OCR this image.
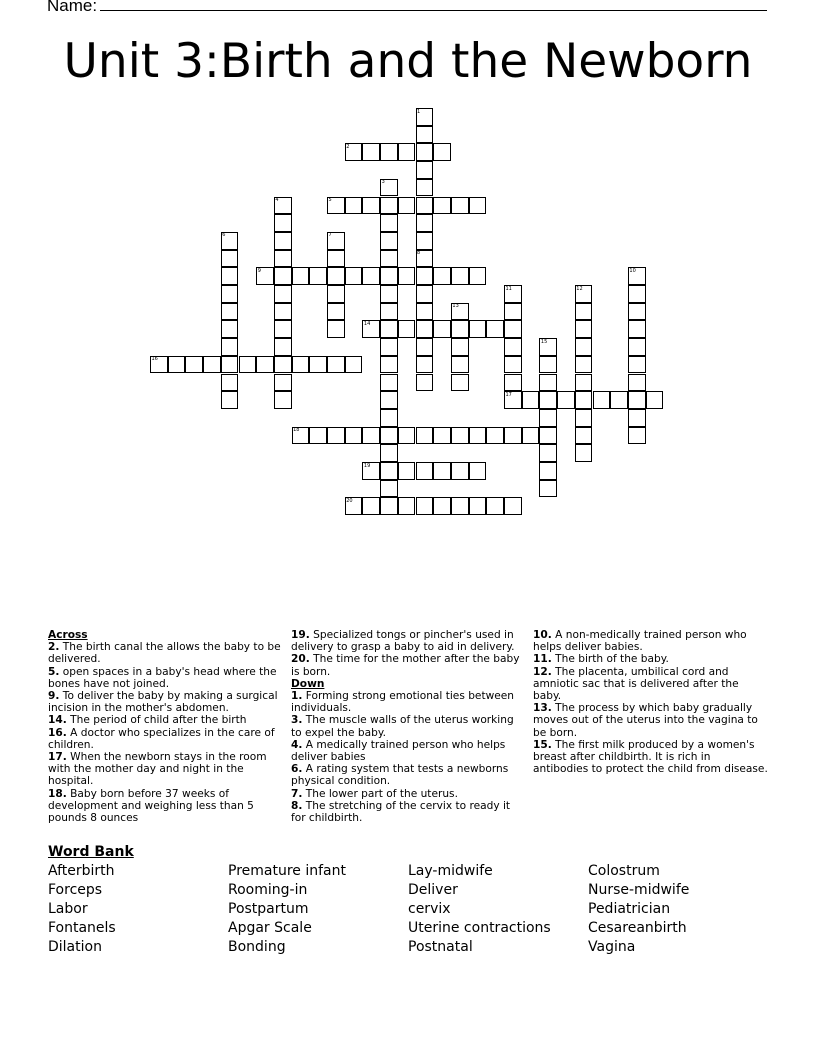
Name:
Unit 3:Birth and the Newborn
1
2
3
4	5
6	7
8
9	10
11	12
13
14
15
16
17
18
19
20
Across
2. The birth canal the allows the baby to be delivered.
5. open spaces in a baby's head where the bones have not joined.
9. To deliver the baby by making a surgical incision in the mother's abdomen.
14. The period of child after the birth
16. A doctor who specializes in the care of children.
17. When the newborn stays in the room with the mother day and night in the hospital.
18. Baby born before 37 weeks of development and weighing less than 5 pounds 8 ounces
19. Specialized tongs or pincher's used in delivery to grasp a baby to aid in delivery.
20. The time for the mother after the baby is born.
Down
1. Forming strong emotional ties between individuals.
3. The muscle walls of the uterus working to expel the baby.
4. A medically trained person who helps deliver babies
6. A rating system that tests a newborns physical condition.
7. The lower part of the uterus.
8. The stretching of the cervix to ready it for childbirth.
10. A non-medically trained person who helps deliver babies.
11. The birth of the baby.
12. The placenta, umbilical cord and amniotic sac that is delivered after the baby.
13. The process by which baby gradually moves out of the uterus into the vagina to be born.
15. The first milk produced by a women's breast after childbirth. It is rich in antibodies to protect the child from disease.
Word Bank
Afterbirth
Forceps
Labor
Fontanels
Dilation
Premature infant
Rooming-in
Postpartum
Apgar Scale
Bonding
Lay-midwife
Deliver
cervix
Uterine contractions
Postnatal
Colostrum
Nurse-midwife
Pediatrician
Cesareanbirth
Vagina
